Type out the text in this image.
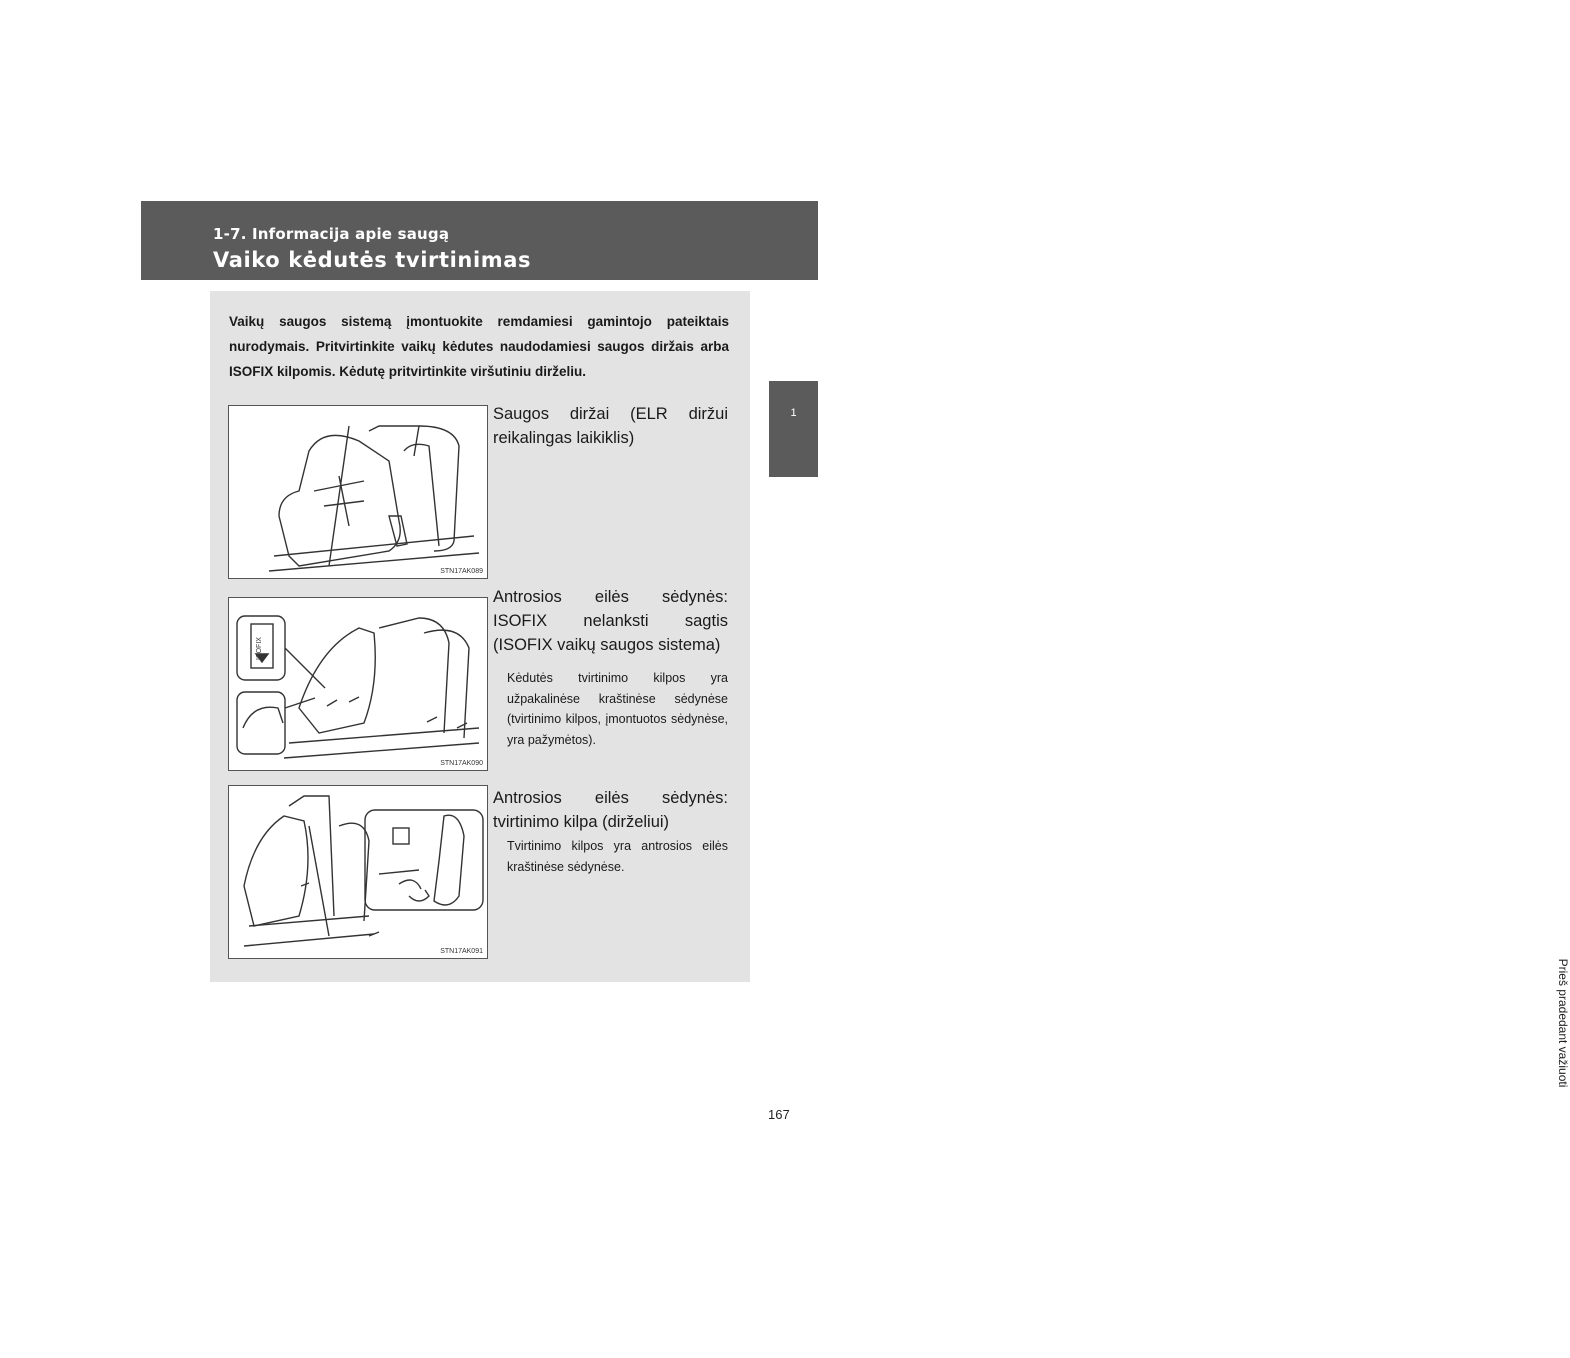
1-7. Informacija apie saugą
Vaiko kėdutės tvirtinimas
1
Prieš pradedant važiuoti
Vaikų saugos sistemą įmontuokite remdamiesi gamintojo pateiktais nurodymais. Pritvirtinkite vaikų kėdutes naudodamiesi saugos diržais arba ISOFIX kilpomis. Kėdutę pritvirtinkite viršutiniu dirželiu.
STN17AK089
Saugos diržai (ELR diržui reikalingas laikiklis)
ISOFIX
STN17AK090
Antrosios eilės sėdynės: ISOFIX nelanksti sagtis (ISOFIX vaikų saugos sistema)
Kėdutės tvirtinimo kilpos yra užpakalinėse kraštinėse sėdynėse (tvirtinimo kilpos, įmontuotos sėdynėse, yra pažymėtos).
STN17AK091
Antrosios eilės sėdynės: tvirtinimo kilpa (dirželiui)
Tvirtinimo kilpos yra antrosios eilės kraštinėse sėdynėse.
167
